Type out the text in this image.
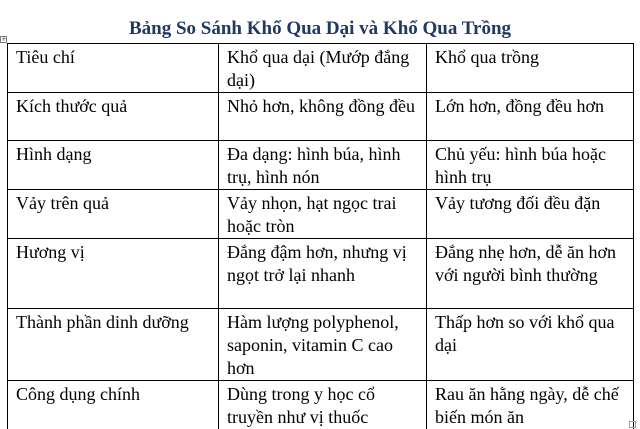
Bảng So Sánh Khổ Qua Dại và Khổ Qua Trồng
+
Tiêu chí	Khổ qua dại (Mướp đắng dại)	Khổ qua trồng
Kích thước quả	Nhỏ hơn, không đồng đều	Lớn hơn, đồng đều hơn
Hình dạng	Đa dạng: hình búa, hình trụ, hình nón	Chủ yếu: hình búa hoặc hình trụ
Vảy trên quả	Vảy nhọn, hạt ngọc trai hoặc tròn	Vảy tương đối đều đặn
Hương vị	Đắng đậm hơn, nhưng vị ngọt trở lại nhanh	Đắng nhẹ hơn, dễ ăn hơn với người bình thường
Thành phần dinh dưỡng	Hàm lượng polyphenol, saponin, vitamin C cao hơn	Thấp hơn so với khổ qua dại
Công dụng chính	Dùng trong y học cổ truyền như vị thuốc	Rau ăn hằng ngày, dễ chế biến món ăn
